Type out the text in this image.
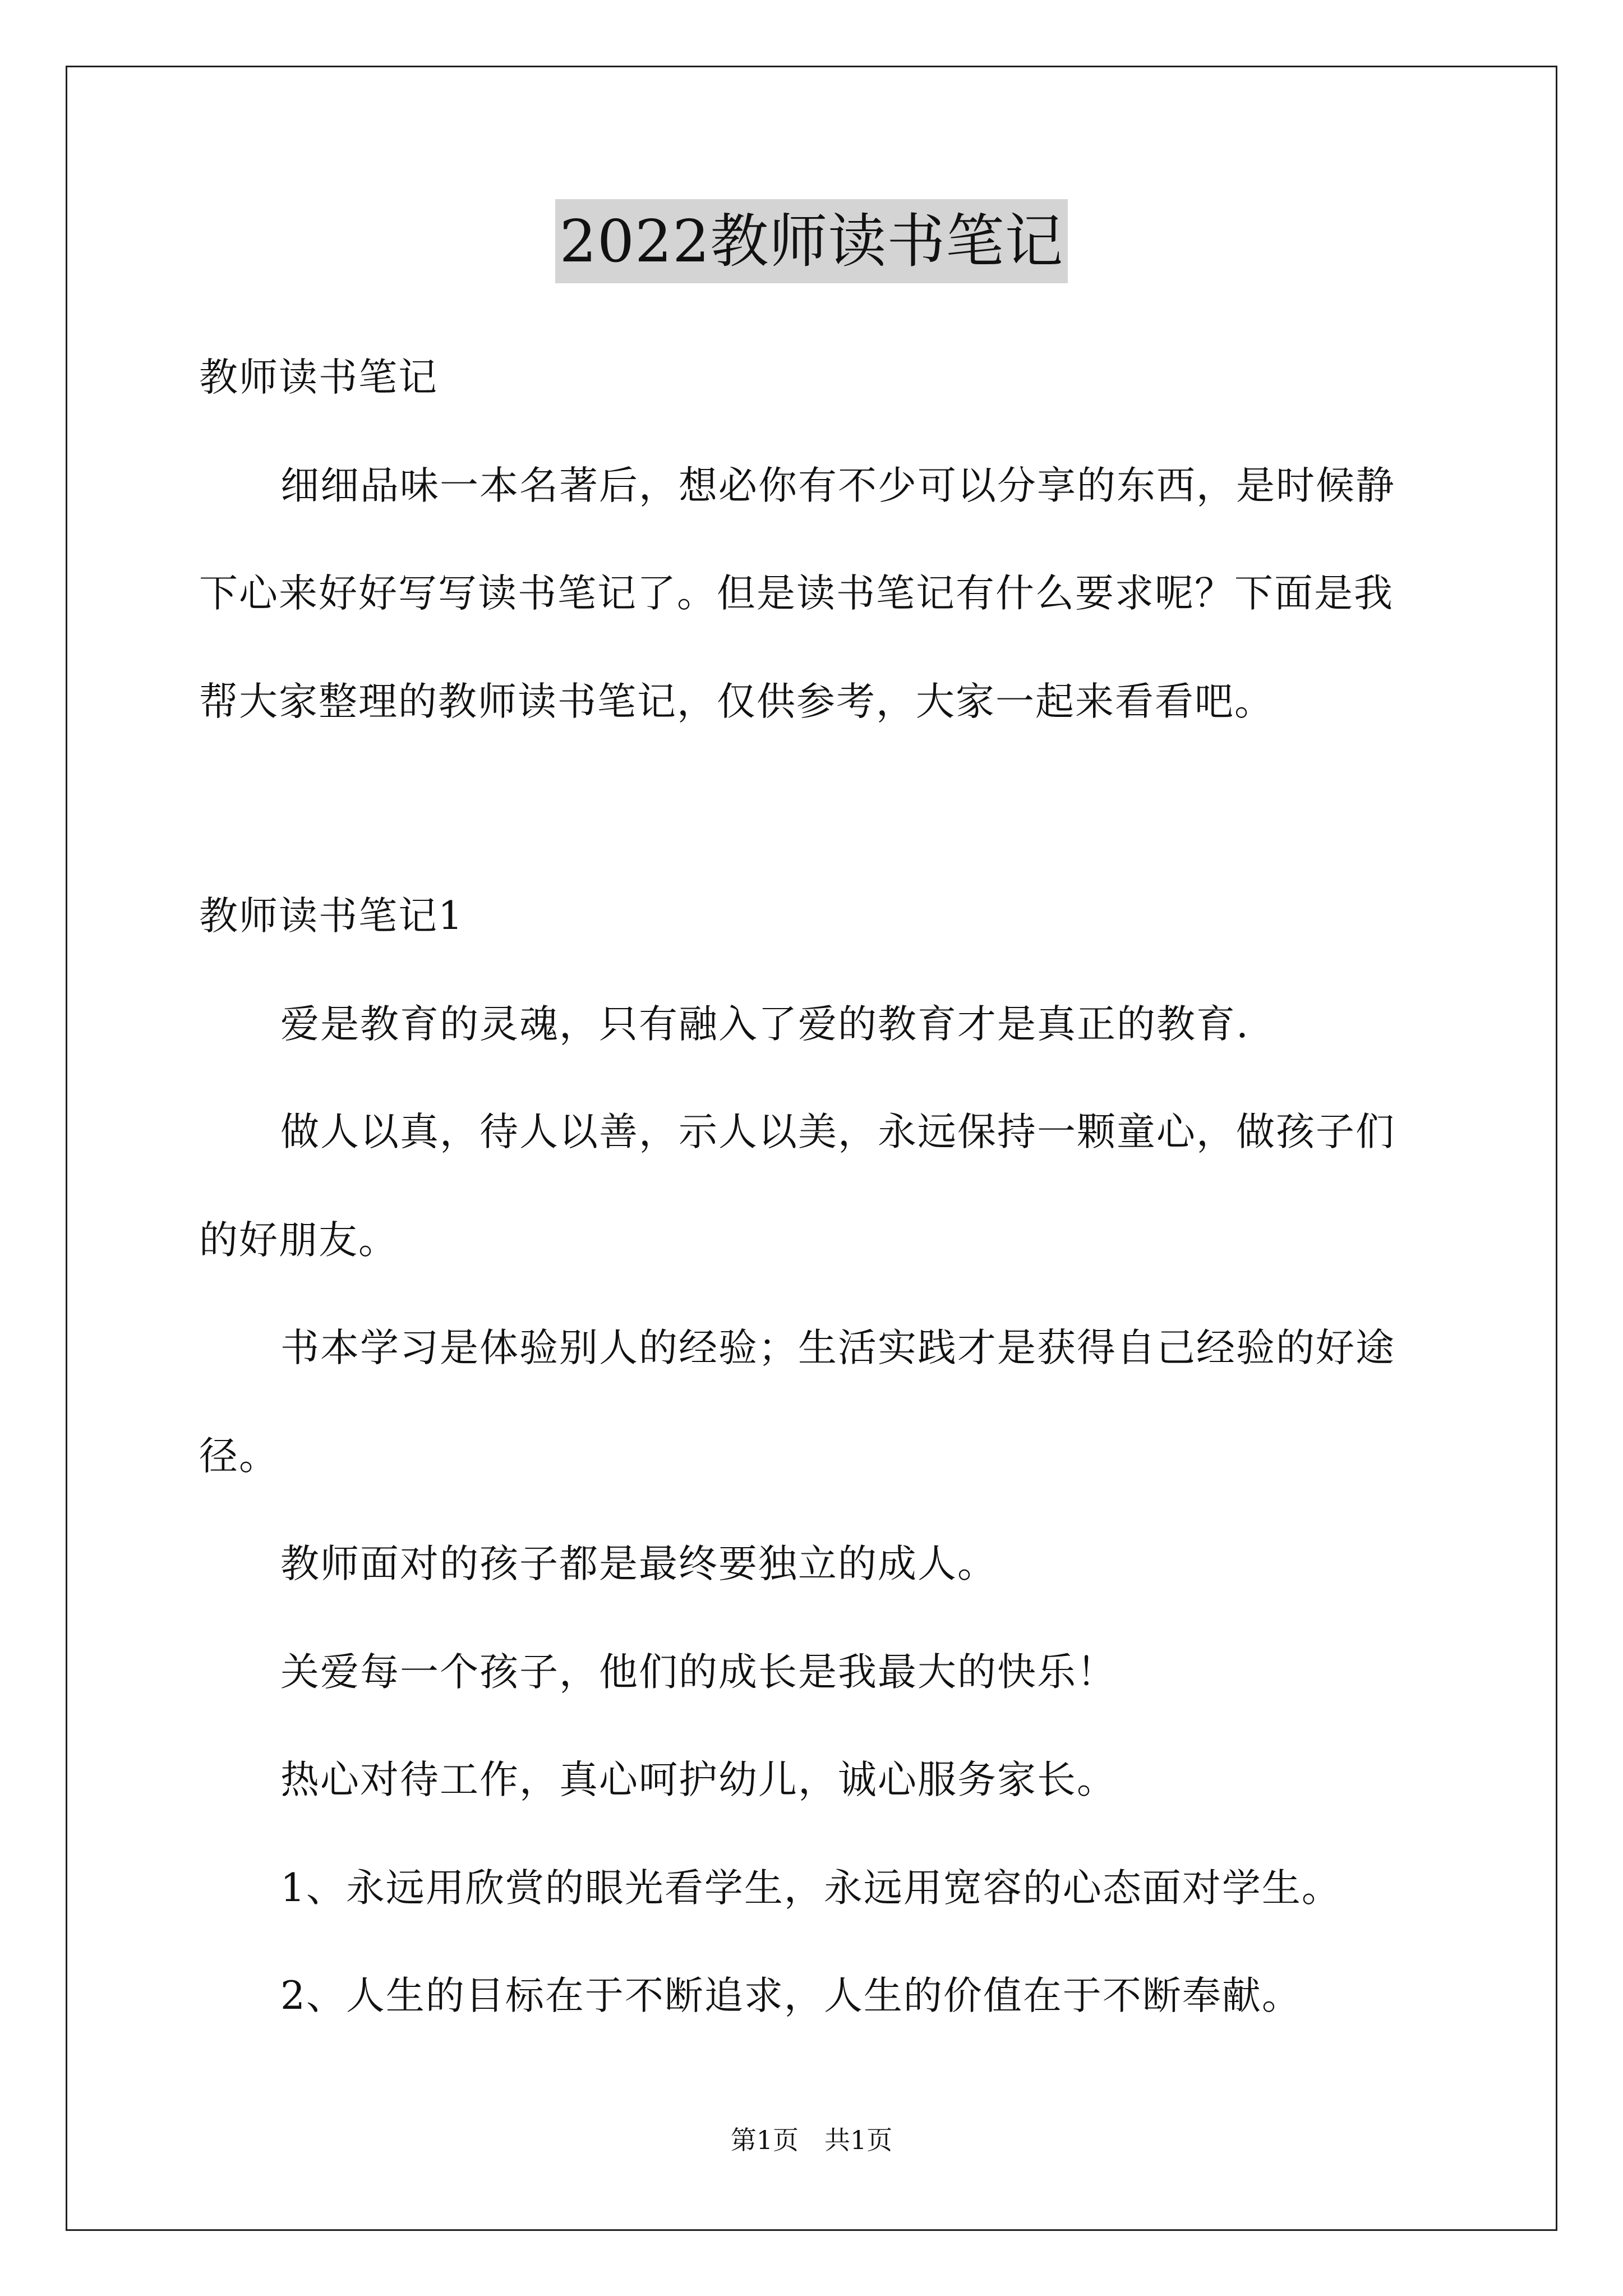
2022教师读书笔记
教师读书笔记
细细品味一本名著后，想必你有不少可以分享的东西，是时候静
下心来好好写写读书笔记了。但是读书笔记有什么要求呢？下面是我
帮大家整理的教师读书笔记，仅供参考，大家一起来看看吧。
教师读书笔记1
爱是教育的灵魂，只有融入了爱的教育才是真正的教育.
做人以真，待人以善，示人以美，永远保持一颗童心，做孩子们
的好朋友。
书本学习是体验别人的经验；生活实践才是获得自己经验的好途
径。
教师面对的孩子都是最终要独立的成人。
关爱每一个孩子，他们的成长是我最大的快乐！
热心对待工作，真心呵护幼儿，诚心服务家长。
1、永远用欣赏的眼光看学生，永远用宽容的心态面对学生。
2、人生的目标在于不断追求，人生的价值在于不断奉献。
第1页　共1页
